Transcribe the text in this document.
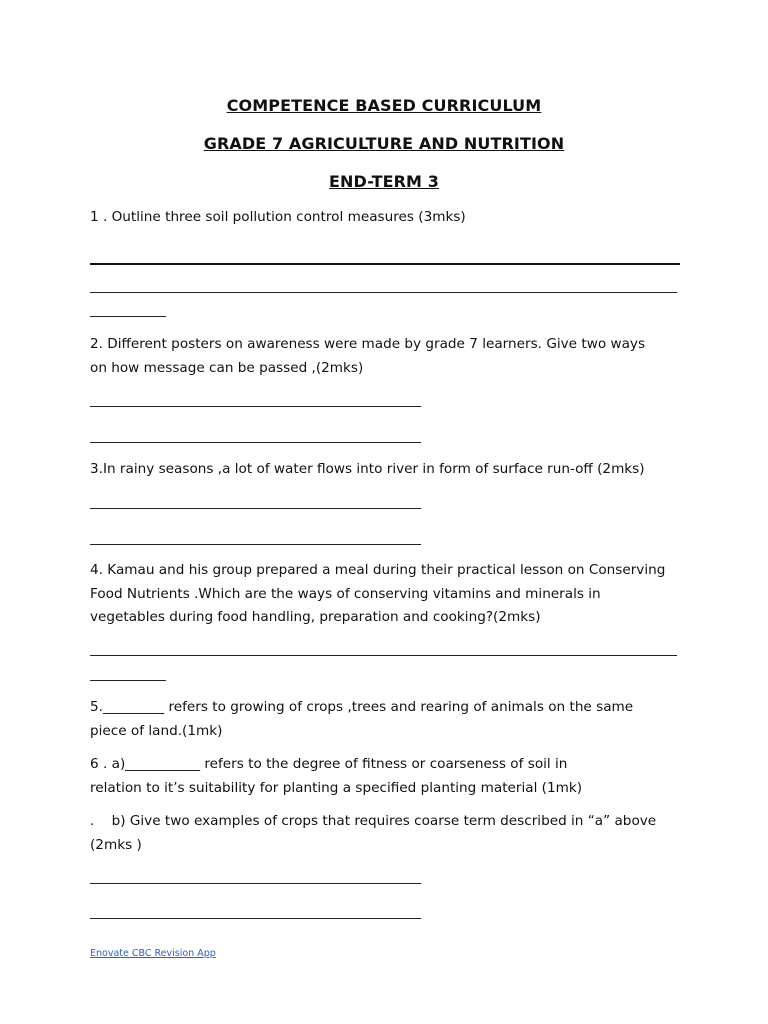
COMPETENCE BASED CURRICULUM
GRADE 7 AGRICULTURE AND NUTRITION
END-TERM 3
1 . Outline three soil pollution control measures (3mks)
2. Different posters on awareness were made by grade 7 learners. Give two ways
on how message can be passed ,(2mks)
3.In rainy seasons ,a lot of water flows into river in form of surface run-off (2mks)
4. Kamau and his group prepared a meal during their practical lesson on Conserving
Food Nutrients .Which are the ways of conserving vitamins and minerals in
vegetables during food handling, preparation and cooking?(2mks)
5._________ refers to growing of crops ,trees and rearing of animals on the same
piece of land.(1mk)
6 . a)___________ refers to the degree of fitness or coarseness of soil in
relation to it’s suitability for planting a specified planting material (1mk)
.    b) Give two examples of crops that requires coarse term described in “a” above
(2mks )
Enovate CBC Revision App
